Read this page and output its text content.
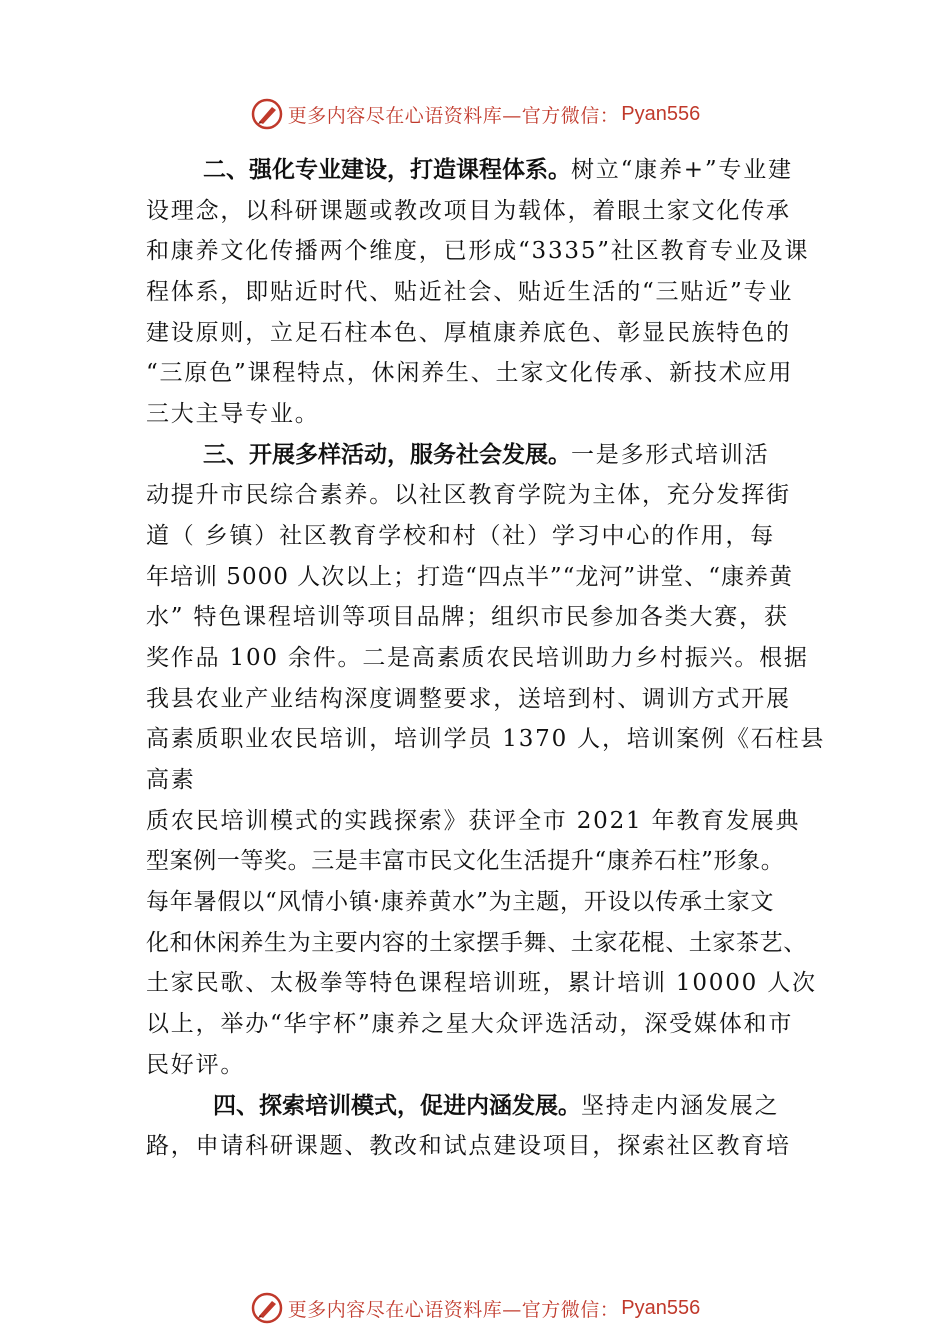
更多内容尽在心语资料库—官方微信： Pyan556
二、强化专业建设，打造课程体系。树立“康养+”专业建
设理念，以科研课题或教改项目为载体，着眼土家文化传承
和康养文化传播两个维度，已形成“3335”社区教育专业及课
程体系，即贴近时代、贴近社会、贴近生活的“三贴近”专业
建设原则，立足石柱本色、厚植康养底色、彰显民族特色的
“三原色”课程特点，休闲养生、土家文化传承、新技术应用
三大主导专业。
三、开展多样活动，服务社会发展。一是多形式培训活
动提升市民综合素养。以社区教育学院为主体，充分发挥街
道（ 乡镇）社区教育学校和村（社）学习中心的作用，每
年培训 5000 人次以上；打造“四点半”“龙河”讲堂、“康养黄
水” 特色课程培训等项目品牌；组织市民参加各类大赛，获
奖作品 100 余件。二是高素质农民培训助力乡村振兴。根据
我县农业产业结构深度调整要求，送培到村、调训方式开展
高素质职业农民培训，培训学员 1370 人，培训案例《石柱县
高素
质农民培训模式的实践探索》获评全市 2021 年教育发展典
型案例一等奖。三是丰富市民文化生活提升“康养石柱”形象。
每年暑假以“风情小镇·康养黄水”为主题，开设以传承土家文
化和休闲养生为主要内容的土家摆手舞、土家花棍、土家茶艺、
土家民歌、太极拳等特色课程培训班，累计培训 10000 人次
以上，举办“华宇杯”康养之星大众评选活动，深受媒体和市
民好评。
四、探索培训模式，促进内涵发展。坚持走内涵发展之
路，申请科研课题、教改和试点建设项目，探索社区教育培
更多内容尽在心语资料库—官方微信： Pyan556
